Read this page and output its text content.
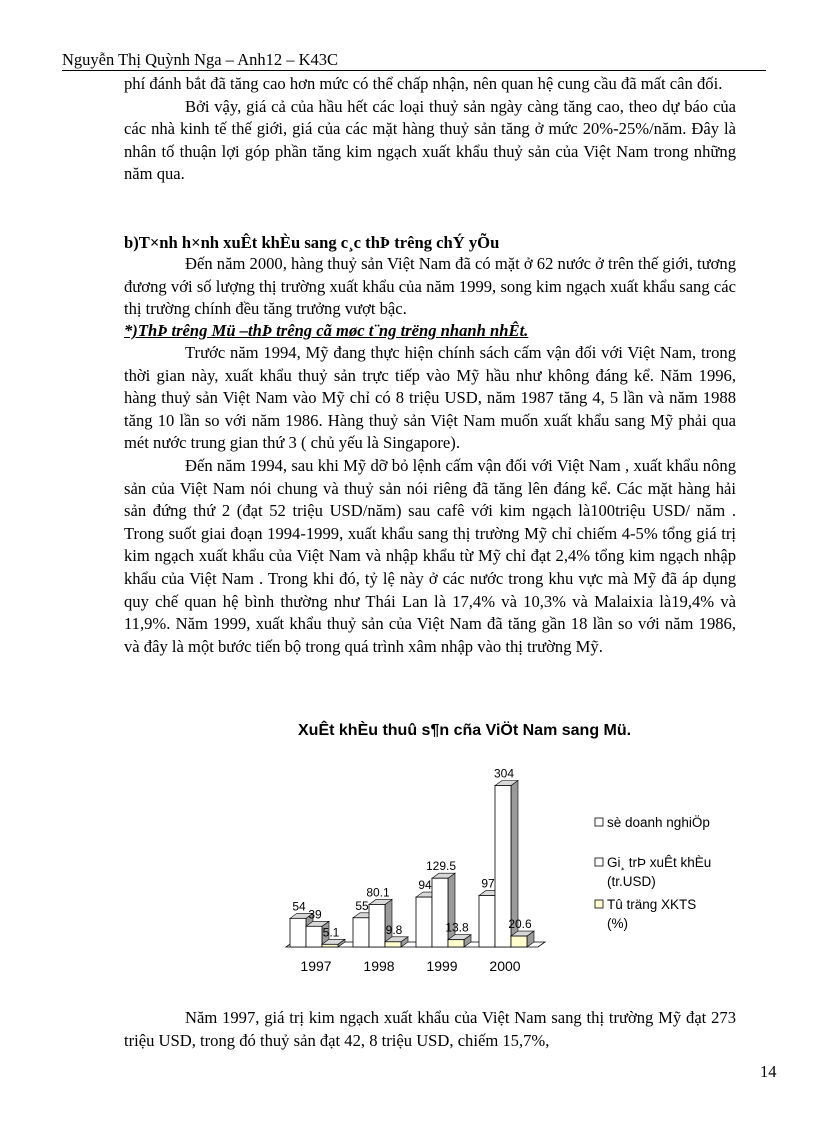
Nguyễn Thị Quỳnh Nga – Anh12 – K43C

phí đánh bắt đã tăng cao hơn mức có thể chấp nhận, nên quan hệ cung cầu đã mất cân đối.

Bởi vậy, giá cả của hầu hết các loại thuỷ sản ngày càng tăng cao, theo dự báo của các nhà kinh tế thế giới, giá của các mặt hàng thuỷ sản tăng ở mức 20%-25%/năm. Đây là nhân tố thuận lợi góp phần tăng kim ngạch xuất khẩu thuỷ sản của Việt Nam trong những năm qua.

b)T×nh h×nh xuÊt khÈu sang c¸c thÞ trêng chÝ yÕu

Đến năm 2000, hàng thuỷ sản Việt Nam đã có mặt ở 62 nước ở trên thế giới, tương đương với số lượng thị trường xuất khẩu của năm 1999, song kim ngạch xuất khẩu sang các thị trường chính đều tăng trưởng vượt bậc.

*)ThÞ trêng Mü –thÞ trêng cã møc t¨ng trëng nhanh nhÊt.

Trước năm 1994, Mỹ đang thực hiện chính sách cấm vận đối với Việt Nam, trong thời gian này, xuất khẩu thuỷ sản trực tiếp vào Mỹ hầu như không đáng kể. Năm 1996, hàng thuỷ sản Việt Nam vào Mỹ chỉ có 8 triệu USD, năm 1987 tăng 4, 5 lần và năm 1988 tăng 10 lần so với năm 1986. Hàng thuỷ sản Việt Nam muốn xuất khẩu sang Mỹ phải qua mét nước trung gian thứ 3 ( chủ yếu là Singapore).

Đến năm 1994, sau khi Mỹ dỡ bỏ lệnh cấm vận đối với Việt Nam , xuất khẩu nông sản của Việt Nam nói chung và thuỷ sản nói riêng đã tăng lên đáng kể. Các mặt hàng hải sản đứng thứ 2 (đạt 52 triệu USD/năm) sau cafê với kim ngạch là100triệu USD/ năm . Trong suốt giai đoạn 1994-1999, xuất khẩu sang thị trường Mỹ chỉ chiếm 4-5% tổng giá trị kim ngạch xuất khẩu của Việt Nam và nhập khẩu từ Mỹ chỉ đạt 2,4% tổng kim ngạch nhập khẩu của Việt Nam . Trong khi đó, tỷ lệ này ở các nước trong khu vực mà Mỹ đã áp dụng quy chế quan hệ bình thường như Thái Lan là 17,4% và 10,3% và Malaixia là19,4% và 11,9%. Năm 1999, xuất khẩu thuỷ sản của Việt Nam đã tăng gần 18 lần so với năm 1986, và đây là một bước tiến bộ trong quá trình xâm nhập vào thị trường Mỹ.

XuÊt khÈu thuû s¶n cña ViÖt Nam sang Mü.
54
39
5.1
1997
55
80.1
9.8
1998
94
129.5
13.8
1999
97
304
20.6
2000
sè doanh nghiÖp
Gi¸ trÞ xuÊt khÈu
(tr.USD)
Tû träng XKTS
(%)

Năm 1997, giá trị kim ngạch xuất khẩu của Việt Nam sang thị trường Mỹ đạt 273 triệu USD, trong đó thuỷ sản đạt 42, 8 triệu USD, chiếm 15,7%,

14
